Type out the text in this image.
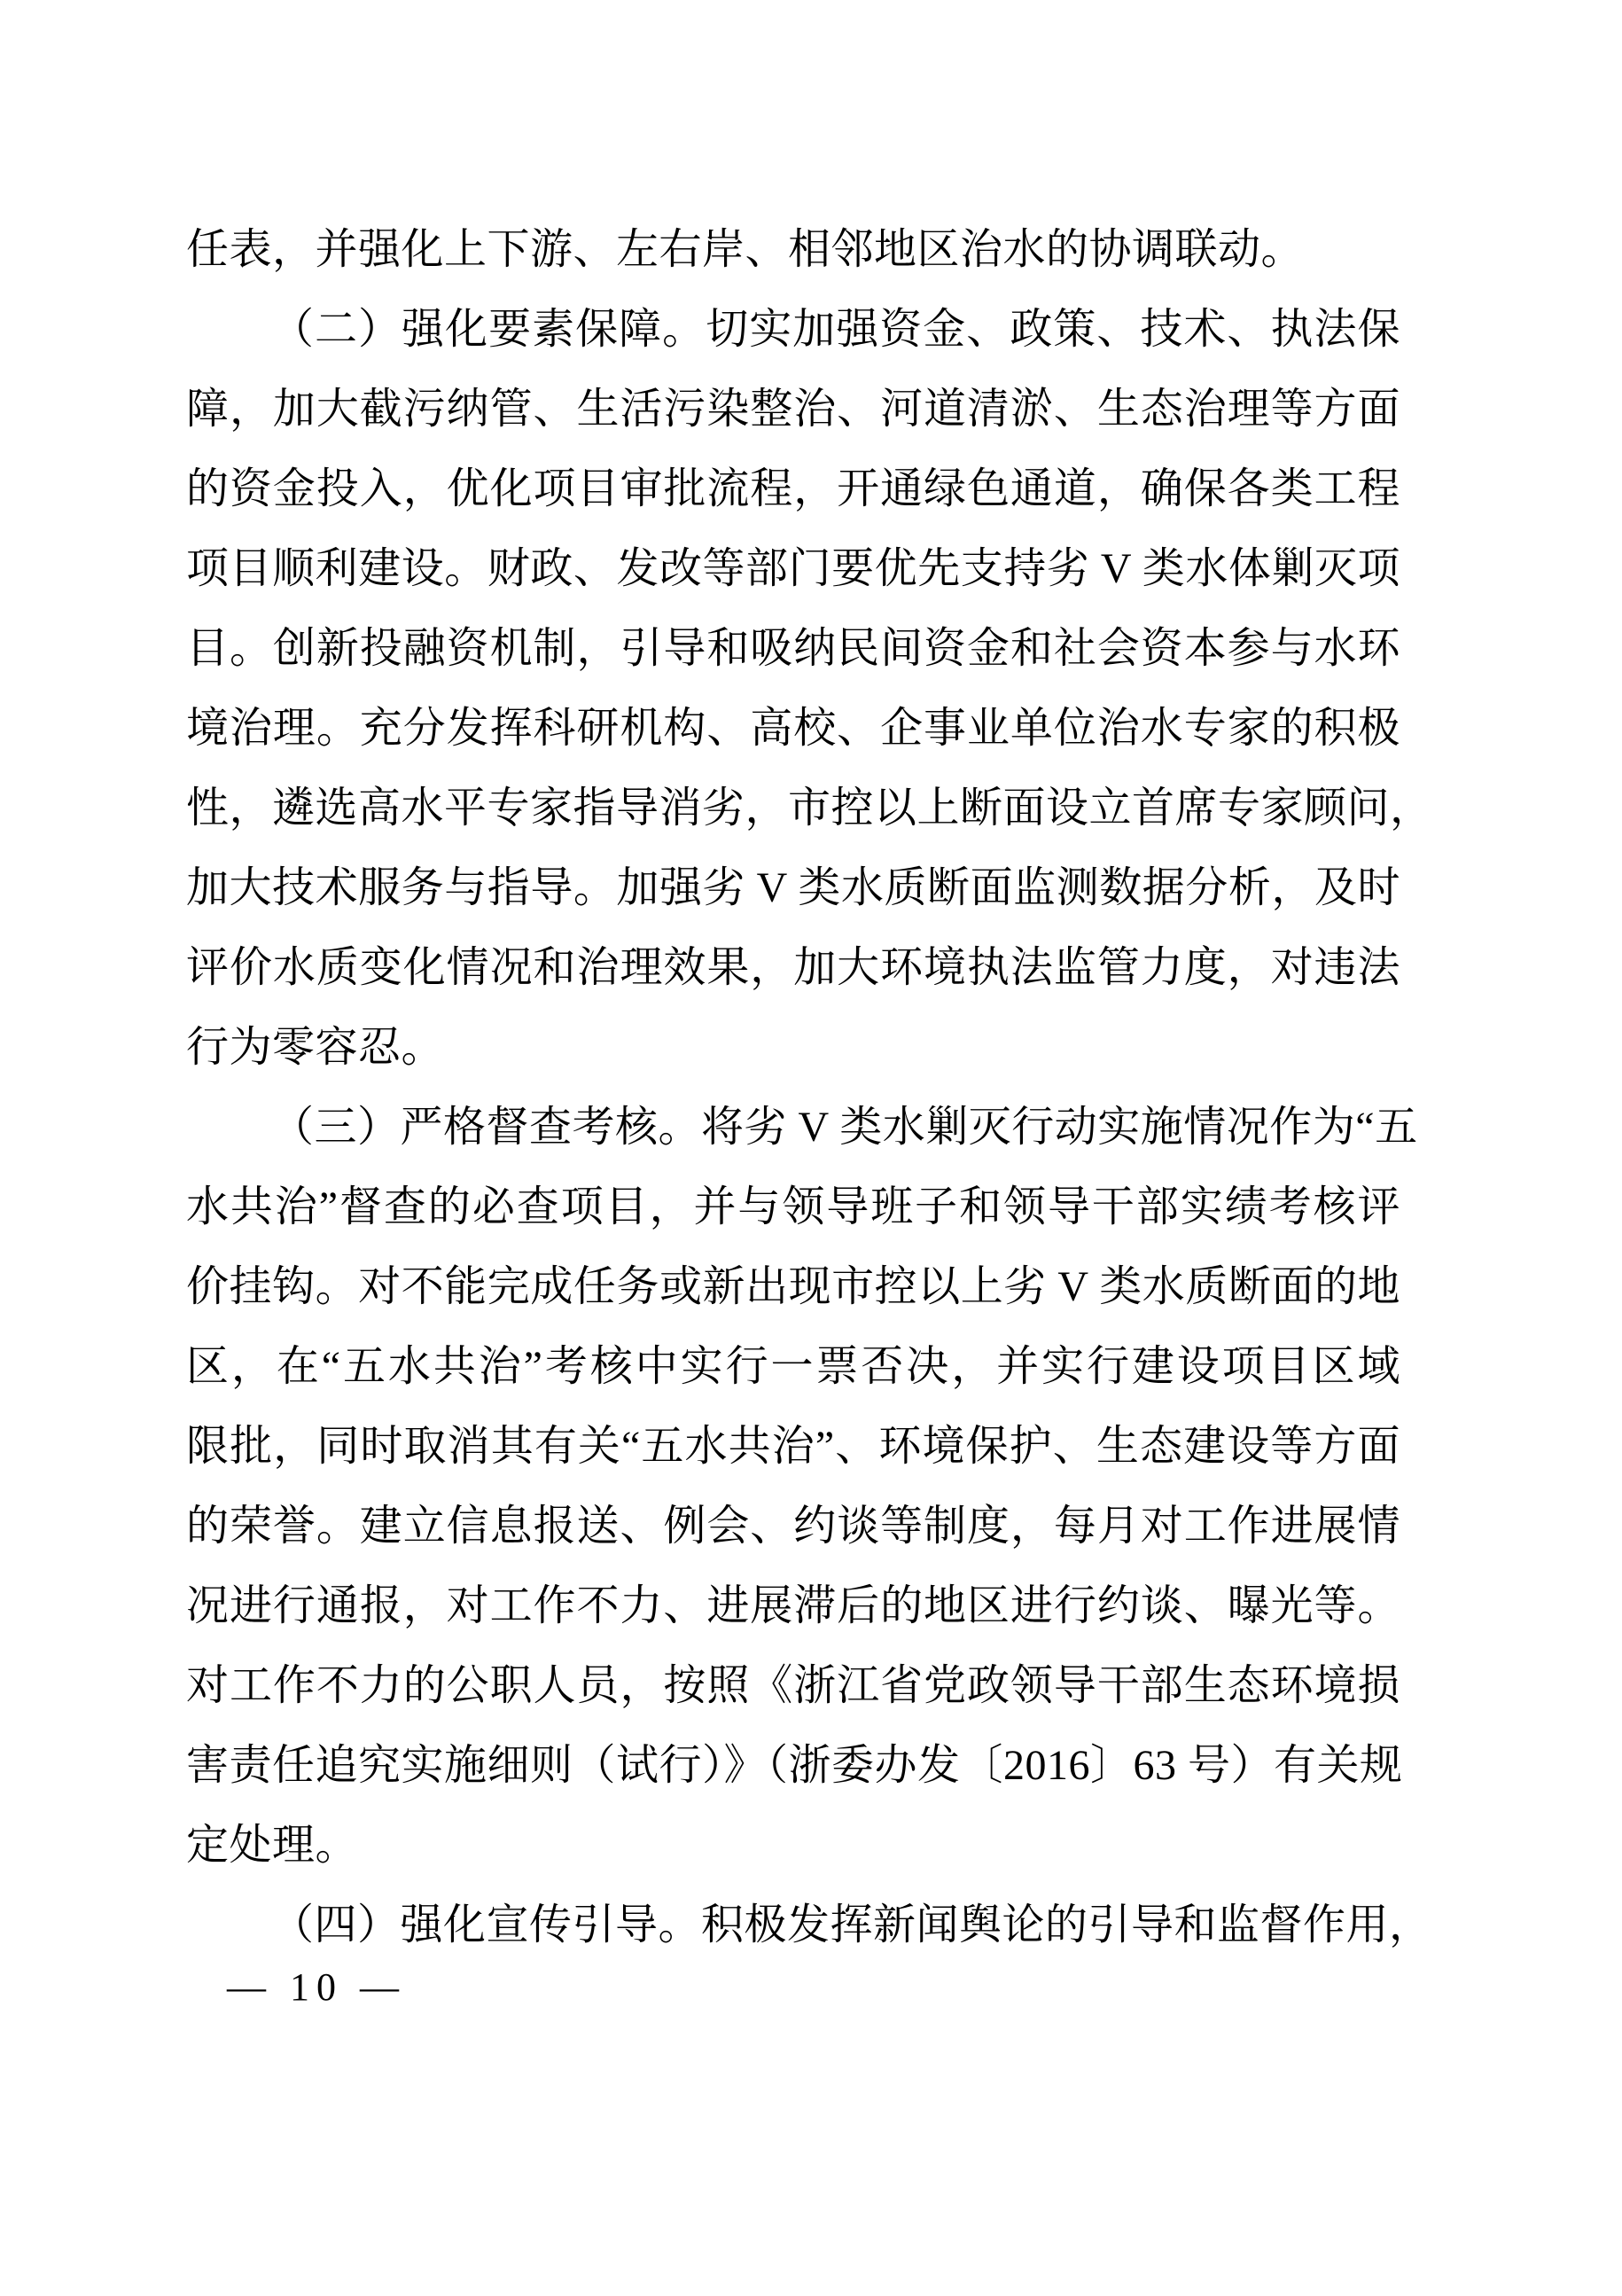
任表，并强化上下游、左右岸、相邻地区治水的协调联动。
（二）强化要素保障。切实加强资金、政策、技术、执法保
障，加大截污纳管、生活污染整治、河道清淤、生态治理等方面
的资金投入，优化项目审批流程，开通绿色通道，确保各类工程
项目顺利建设。财政、发改等部门要优先支持劣 V 类水体剿灭项
目。创新投融资机制，引导和吸纳民间资金和社会资本参与水环
境治理。充分发挥科研机构、高校、企事业单位治水专家的积极
性，遴选高水平专家指导消劣，市控以上断面设立首席专家顾问，
加大技术服务与指导。加强劣 V 类水质断面监测数据分析，及时
评价水质变化情况和治理效果，加大环境执法监管力度，对违法
行为零容忍。
（三）严格督查考核。将劣 V 类水剿灭行动实施情况作为“五
水共治”督查的必查项目，并与领导班子和领导干部实绩考核评
价挂钩。对不能完成任务或新出现市控以上劣 V 类水质断面的地
区，在“五水共治”考核中实行一票否决，并实行建设项目区域
限批，同时取消其有关“五水共治”、环境保护、生态建设等方面
的荣誉。建立信息报送、例会、约谈等制度，每月对工作进展情
况进行通报，对工作不力、进展滞后的地区进行约谈、曝光等。
对工作不力的公职人员，按照《浙江省党政领导干部生态环境损
害责任追究实施细则（试行）》（浙委办发〔2016〕63 号）有关规
定处理。
（四）强化宣传引导。积极发挥新闻舆论的引导和监督作用，
— 10 —
